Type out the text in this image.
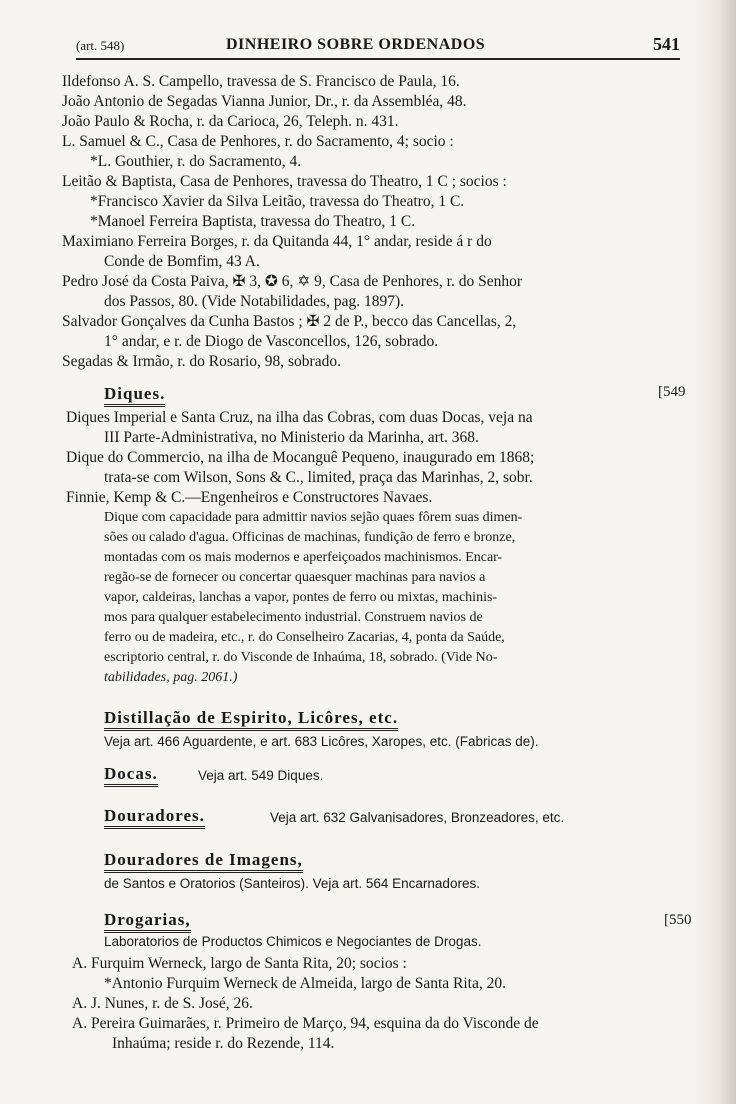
(art. 548)	DINHEIRO SOBRE ORDENADOS	541
Ildefonso A. S. Campello, travessa de S. Francisco de Paula, 16.
João Antonio de Segadas Vianna Junior, Dr., r. da Assembléa, 48.
João Paulo & Rocha, r. da Carioca, 26, Teleph. n. 431.
L. Samuel & C., Casa de Penhores, r. do Sacramento, 4; socio :
*L. Gouthier, r. do Sacramento, 4.
Leitão & Baptista, Casa de Penhores, travessa do Theatro, 1 C ; socios :
*Francisco Xavier da Silva Leitão, travessa do Theatro, 1 C.
*Manoel Ferreira Baptista, travessa do Theatro, 1 C.
Maximiano Ferreira Borges, r. da Quitanda 44, 1° andar, reside á r do
Conde de Bomfim, 43 A.
Pedro José da Costa Paiva, ✠ 3, ✪ 6, ✡ 9, Casa de Penhores, r. do Senhor
dos Passos, 80. (Vide Notabilidades, pag. 1897).
Salvador Gonçalves da Cunha Bastos ; ✠ 2 de P., becco das Cancellas, 2,
1° andar, e r. de Diogo de Vasconcellos, 126, sobrado.
Segadas & Irmão, r. do Rosario, 98, sobrado.
Diques.	[549
Diques Imperial e Santa Cruz, na ilha das Cobras, com duas Docas, veja na
III Parte-Administrativa, no Ministerio da Marinha, art. 368.
Dique do Commercio, na ilha de Mocanguê Pequeno, inaugurado em 1868;
trata-se com Wilson, Sons & C., limited, praça das Marinhas, 2, sobr.
Finnie, Kemp & C.—Engenheiros e Constructores Navaes.
Dique com capacidade para admittir navios sejão quaes fôrem suas dimen-
sões ou calado d'agua. Officinas de machinas, fundição de ferro e bronze,
montadas com os mais modernos e aperfeiçoados machinismos. Encar-
regão-se de fornecer ou concertar quaesquer machinas para navios a
vapor, caldeiras, lanchas a vapor, pontes de ferro ou mixtas, machinis-
mos para qualquer estabelecimento industrial. Construem navios de
ferro ou de madeira, etc., r. do Conselheiro Zacarias, 4, ponta da Saúde,
escriptorio central, r. do Visconde de Inhaúma, 18, sobrado. (Vide No-
tabilidades, pag. 2061.)
Distillação de Espirito, Licôres, etc.
Veja art. 466 Aguardente, e art. 683 Licôres, Xaropes, etc. (Fabricas de).
Docas.	Veja art. 549 Diques.
Douradores.	Veja art. 632 Galvanisadores, Bronzeadores, etc.
Douradores de Imagens,
de Santos e Oratorios (Santeiros). Veja art. 564 Encarnadores.
Drogarias,	[550
Laboratorios de Productos Chimicos e Negociantes de Drogas.
A. Furquim Werneck, largo de Santa Rita, 20; socios :
*Antonio Furquim Werneck de Almeida, largo de Santa Rita, 20.
A. J. Nunes, r. de S. José, 26.
A. Pereira Guimarães, r. Primeiro de Março, 94, esquina da do Visconde de
Inhaúma; reside r. do Rezende, 114.
